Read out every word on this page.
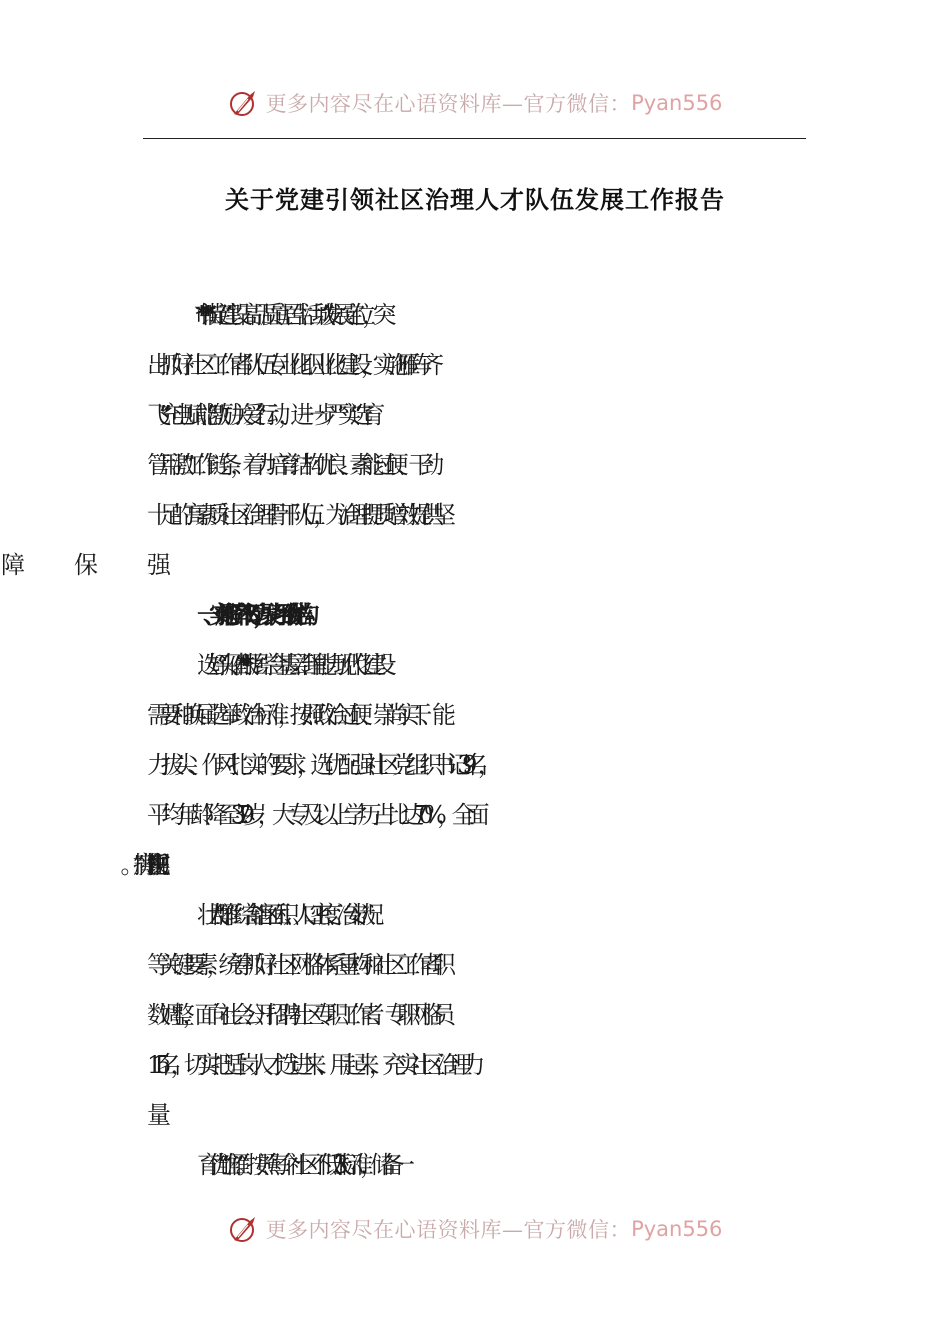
更多内容尽在心语资料库—官方微信： Pyan556
关于党建引领社区治理人才队伍发展工作报告
**市***锚定“建设高品质宜居生活城”发展定位，突
出抓好社区工作者队伍专业化职业化建设，实施“雁阵齐
飞”“充电赋能””激励关爱”行动，进一步严实“选育
管用激”工作链条，着力培育结构优良、素能过硬、干劲
十足的高素质社区治理骨干队伍，为治理提质增效提供坚
一、实施“雁阵齐飞”行动，聚力用劲优结构
选好“头雁”。***根据综合基层治理能力现代化建设
需要和换届选举政治标准，按照政治过硬、崇尚实干、能
力拔尖、作风扎实的要求，选优配强社区党组织书记 39 名，
平均年龄降至 37.9 岁，大专及以上学历占比达 70%，全面
壮大“群雁”。综合辖区面积、人口密度、治安状况
等关键要素，统筹抓好社区网格体系重构和社区工作者职
数调整，面向社会公开招聘社区专职工作者、专职网格员
115 名，切实把适岗人才选进来、用起来，充实社区治理力
育优“雏雁”。按照每个社区不低于 3 人标准，储备一
更多内容尽在心语资料库—官方微信： Pyan556
